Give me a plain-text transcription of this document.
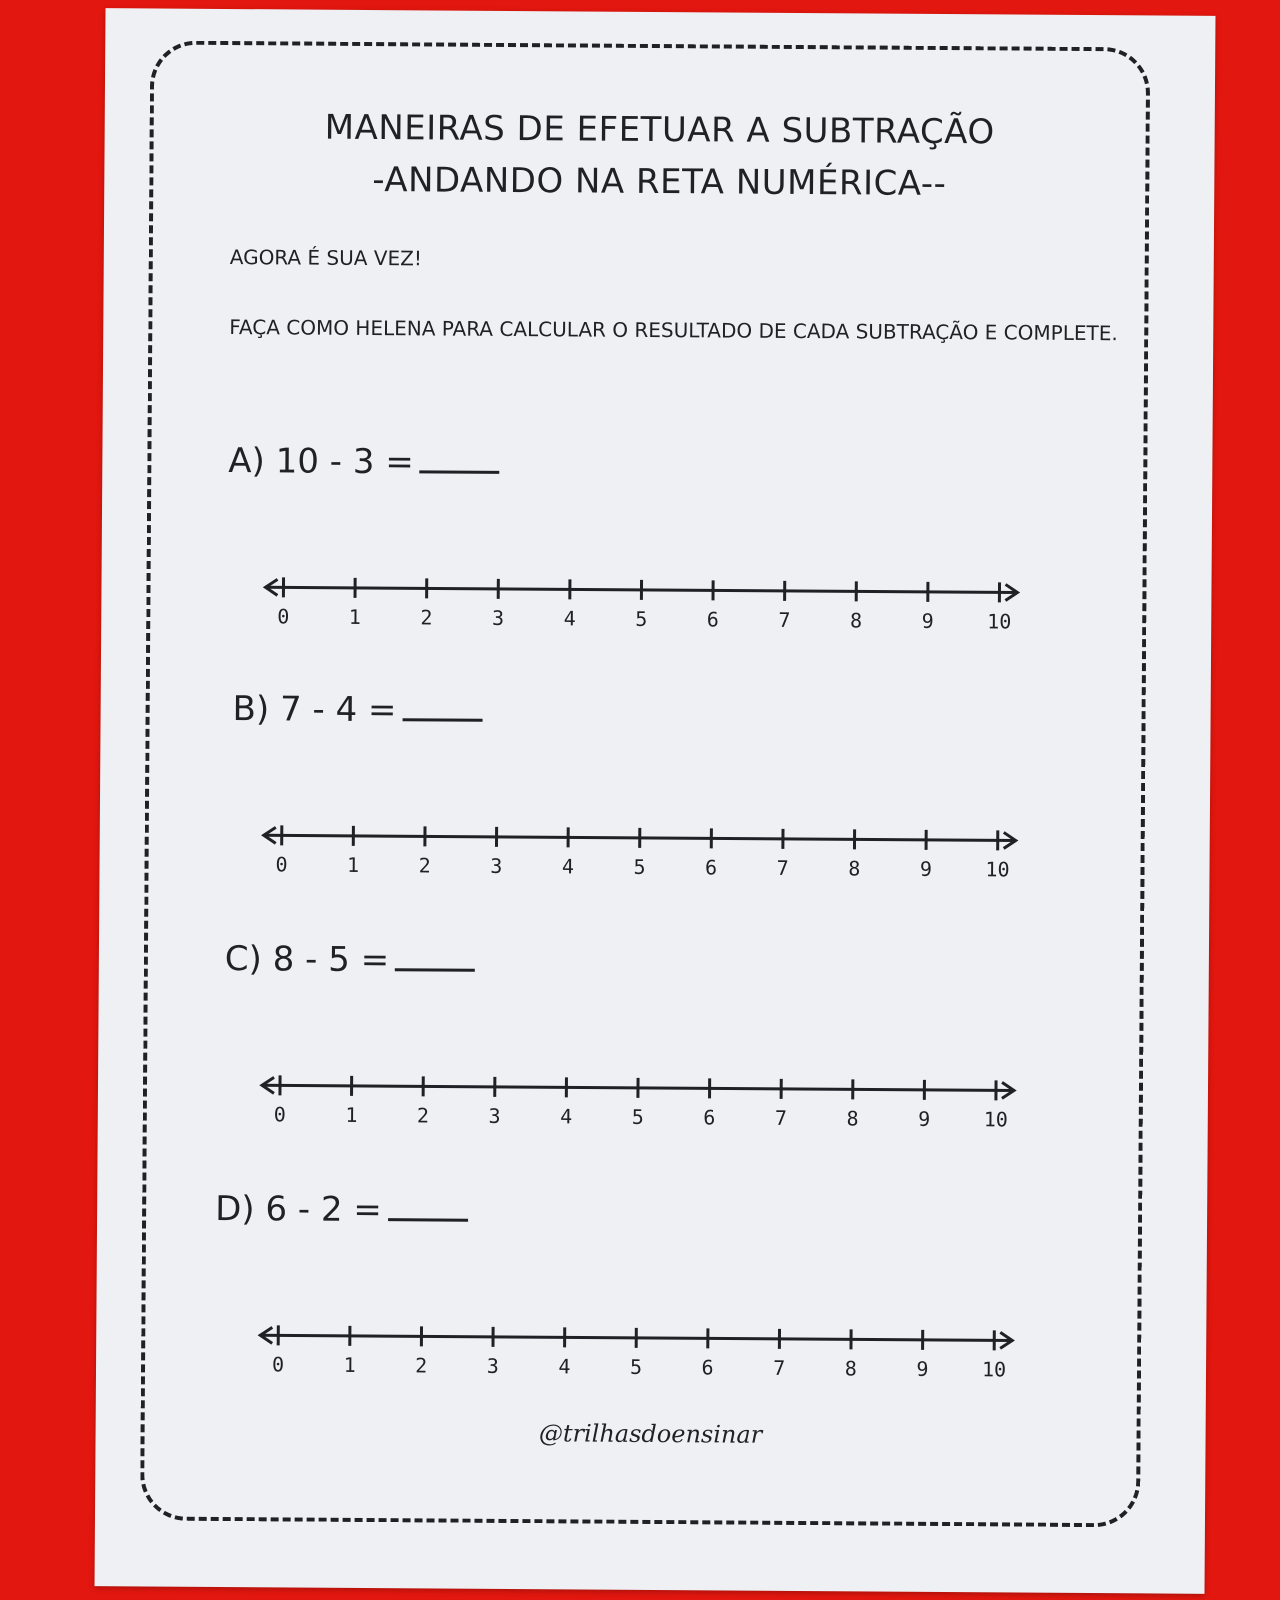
MANEIRAS DE EFETUAR A SUBTRAÇÃO
-ANDANDO NA RETA NUMÉRICA--
AGORA É SUA VEZ!
FAÇA COMO HELENA PARA CALCULAR O RESULTADO DE CADA SUBTRAÇÃO E COMPLETE.
A) 10 - 3 =
0	1	2	3	4	5	6	7	8	9	10
B) 7 - 4 =
0	1	2	3	4	5	6	7	8	9	10
C) 8 - 5 =
0	1	2	3	4	5	6	7	8	9	10
D) 6 - 2 =
0	1	2	3	4	5	6	7	8	9	10
@trilhasdoensinar
